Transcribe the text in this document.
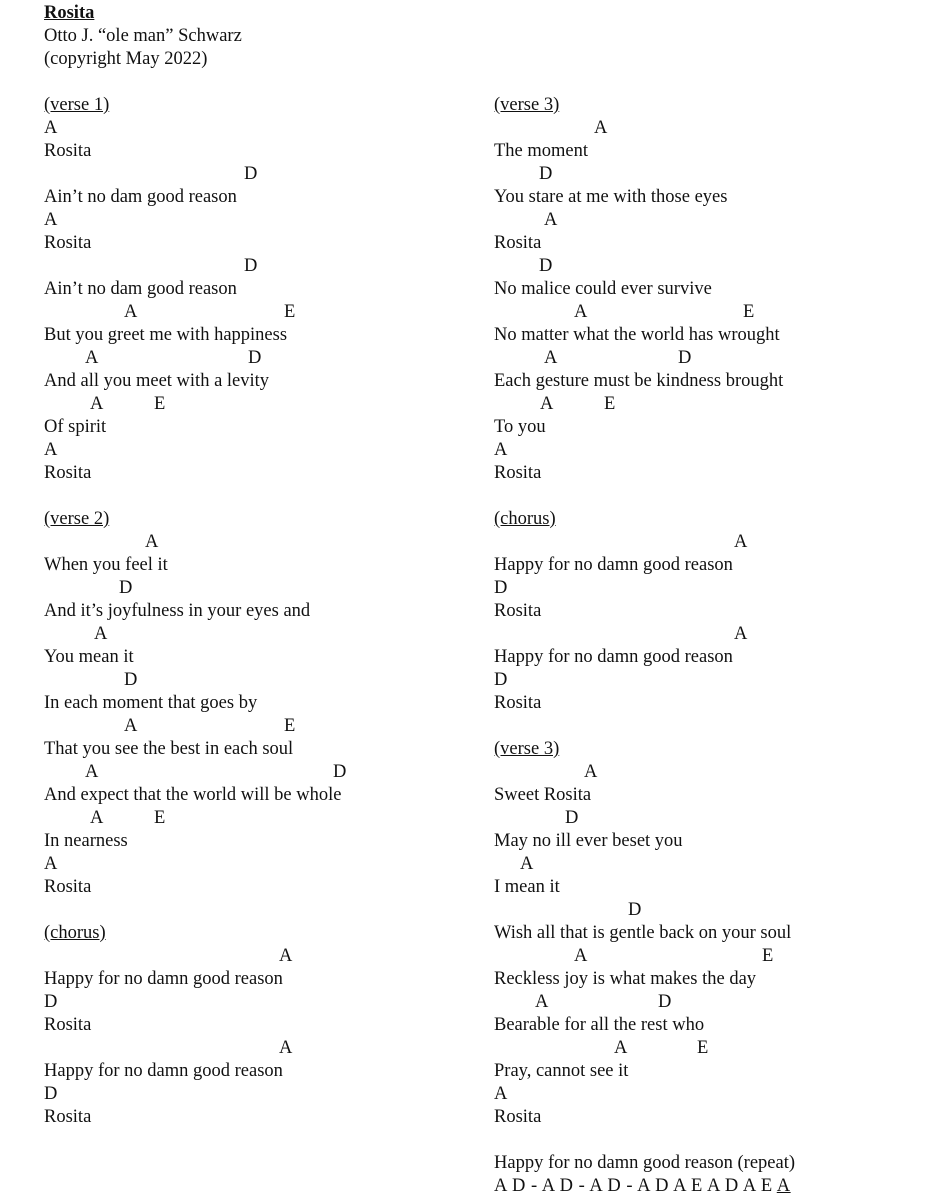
Rosita
Otto J. “ole man” Schwarz
(copyright May 2022)
(verse 1)
A
Rosita
D
Ain’t no dam good reason
A
Rosita
D
Ain’t no dam good reason
A	E
But you greet me with happiness
A	D
And all you meet with a levity
A	E
Of spirit
A
Rosita
(verse 2)
A
When you feel it
D
And it’s joyfulness in your eyes and
A
You mean it
D
In each moment that goes by
A	E
That you see the best in each soul
A	D
And expect that the world will be whole
A	E
In nearness
A
Rosita
(chorus)
A
Happy for no damn good reason
D
Rosita
A
Happy for no damn good reason
D
Rosita
(verse 3)
A
The moment
D
You stare at me with those eyes
A
Rosita
D
No malice could ever survive
A	E
No matter what the world has wrought
A	D
Each gesture must be kindness brought
A	E
To you
A
Rosita
(chorus)
A
Happy for no damn good reason
D
Rosita
A
Happy for no damn good reason
D
Rosita
(verse 3)
A
Sweet Rosita
D
May no ill ever beset you
A
I mean it
D
Wish all that is gentle back on your soul
A	E
Reckless joy is what makes the day
A	D
Bearable for all the rest who
A	E
Pray, cannot see it
A
Rosita
Happy for no damn good reason (repeat)
A D - A D - A D - A D A E A D A E A
